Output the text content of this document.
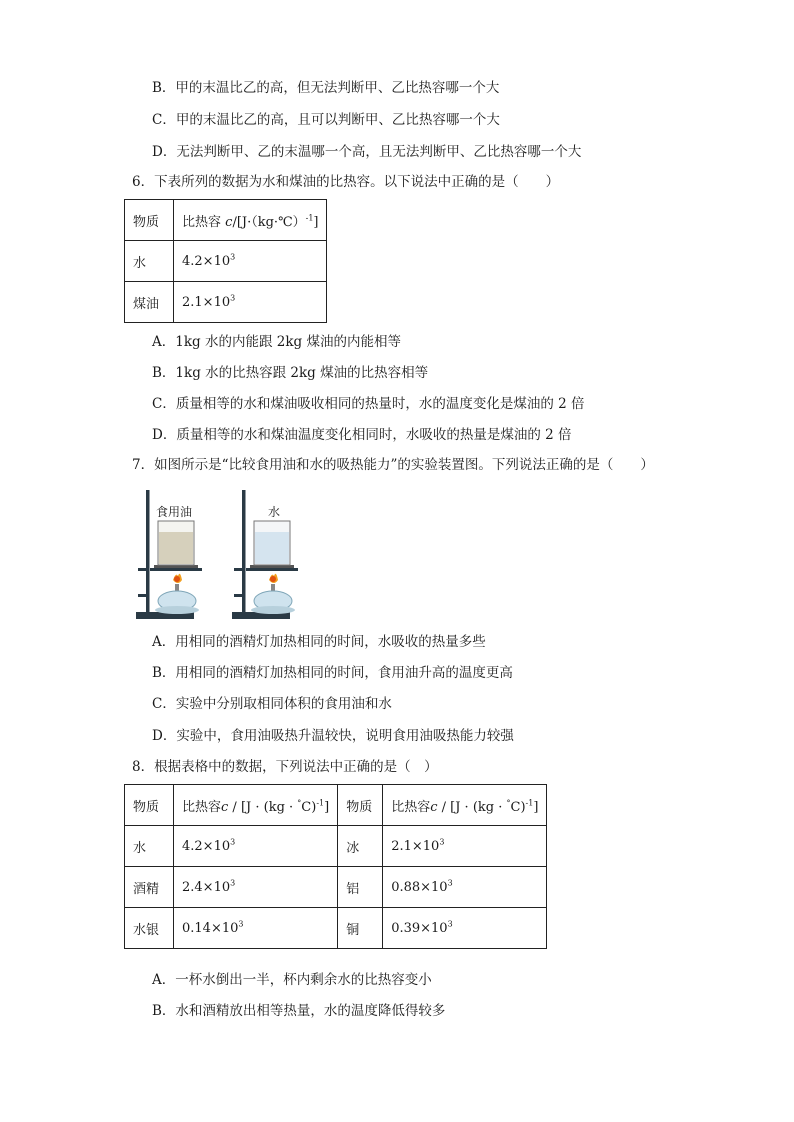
B．甲的末温比乙的高，但无法判断甲、乙比热容哪一个大
C．甲的末温比乙的高，且可以判断甲、乙比热容哪一个大
D．无法判断甲、乙的末温哪一个高，且无法判断甲、乙比热容哪一个大
6．下表所列的数据为水和煤油的比热容。以下说法中正确的是（　　）
物质	比热容 c/[J·（kg·℃）$^{-1}$]
水	$4.2\times 10^3$
煤油	$2.1\times 10^3$
A．1kg 水的内能跟 2kg 煤油的内能相等
B．1kg 水的比热容跟 2kg 煤油的比热容相等
C．质量相等的水和煤油吸收相同的热量时，水的温度变化是煤油的 2 倍
D．质量相等的水和煤油温度变化相同时，水吸收的热量是煤油的 2 倍
7．如图所示是“比较食用油和水的吸热能力”的实验装置图。下列说法正确的是（　　）
食用油	水
A．用相同的酒精灯加热相同的时间，水吸收的热量多些
B．用相同的酒精灯加热相同的时间，食用油升高的温度更高
C．实验中分别取相同体积的食用油和水
D．实验中，食用油吸热升温较快，说明食用油吸热能力较强
8．根据表格中的数据，下列说法中正确的是（　）
物质	比热容c / [J · (kg · °C)$^{-1}$]	物质	比热容c / [J · (kg · °C)$^{-1}$]
水	$4.2\times 10^3$	冰	$2.1\times 10^3$
酒精	$2.4\times 10^3$	铝	$0.88\times 10^3$
水银	$0.14\times 10^3$	铜	$0.39\times 10^3$
A．一杯水倒出一半，杯内剩余水的比热容变小
B．水和酒精放出相等热量，水的温度降低得较多
